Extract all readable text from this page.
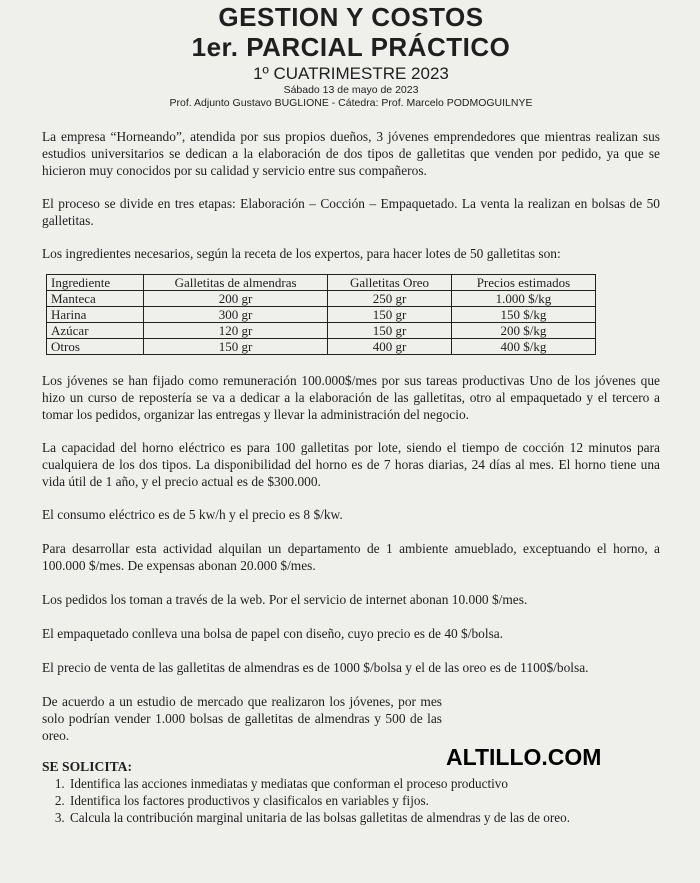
GESTION Y COSTOS
1er. PARCIAL PRÁCTICO
1º CUATRIMESTRE 2023
Sábado 13 de mayo de 2023
Prof. Adjunto Gustavo BUGLIONE - Cátedra: Prof. Marcelo PODMOGUILNYE

La empresa “Horneando”, atendida por sus propios dueños, 3 jóvenes emprendedores que mientras realizan sus estudios universitarios se dedican a la elaboración de dos tipos de galletitas que venden por pedido, ya que se hicieron muy conocidos por su calidad y servicio entre sus compañeros.

El proceso se divide en tres etapas: Elaboración – Cocción – Empaquetado. La venta la realizan en bolsas de 50 galletitas.

Los ingredientes necesarios, según la receta de los expertos, para hacer lotes de 50 galletitas son:

Ingrediente	Galletitas de almendras	Galletitas Oreo	Precios estimados
Manteca	200 gr	250 gr	1.000 $/kg
Harina	300 gr	150 gr	150 $/kg
Azúcar	120 gr	150 gr	200 $/kg
Otros	150 gr	400 gr	400 $/kg

Los jóvenes se han fijado como remuneración 100.000$/mes por sus tareas productivas Uno de los jóvenes que hizo un curso de repostería se va a dedicar a la elaboración de las galletitas, otro al empaquetado y el tercero a tomar los pedidos, organizar las entregas y llevar la administración del negocio.

La capacidad del horno eléctrico es para 100 galletitas por lote, siendo el tiempo de cocción 12 minutos para cualquiera de los dos tipos. La disponibilidad del horno es de 7 horas diarias, 24 días al mes. El horno tiene una vida útil de 1 año, y el precio actual es de $300.000.

El consumo eléctrico es de 5 kw/h y el precio es 8 $/kw.

Para desarrollar esta actividad alquilan un departamento de 1 ambiente amueblado, exceptuando el horno, a 100.000 $/mes. De expensas abonan 20.000 $/mes.

Los pedidos los toman a través de la web. Por el servicio de internet abonan 10.000 $/mes.

El empaquetado conlleva una bolsa de papel con diseño, cuyo precio es de 40 $/bolsa.

El precio de venta de las galletitas de almendras es de 1000 $/bolsa y el de las oreo es de 1100$/bolsa.

De acuerdo a un estudio de mercado que realizaron los jóvenes, por mes solo podrían vender 1.000 bolsas de galletitas de almendras y 500 de las oreo.

SE SOLICITA:
1. Identifica las acciones inmediatas y mediatas que conforman el proceso productivo
2. Identifica los factores productivos y clasificalos en variables y fijos.
3. Calcula la contribución marginal unitaria de las bolsas galletitas de almendras y de las de oreo.
ALTILLO.COM
